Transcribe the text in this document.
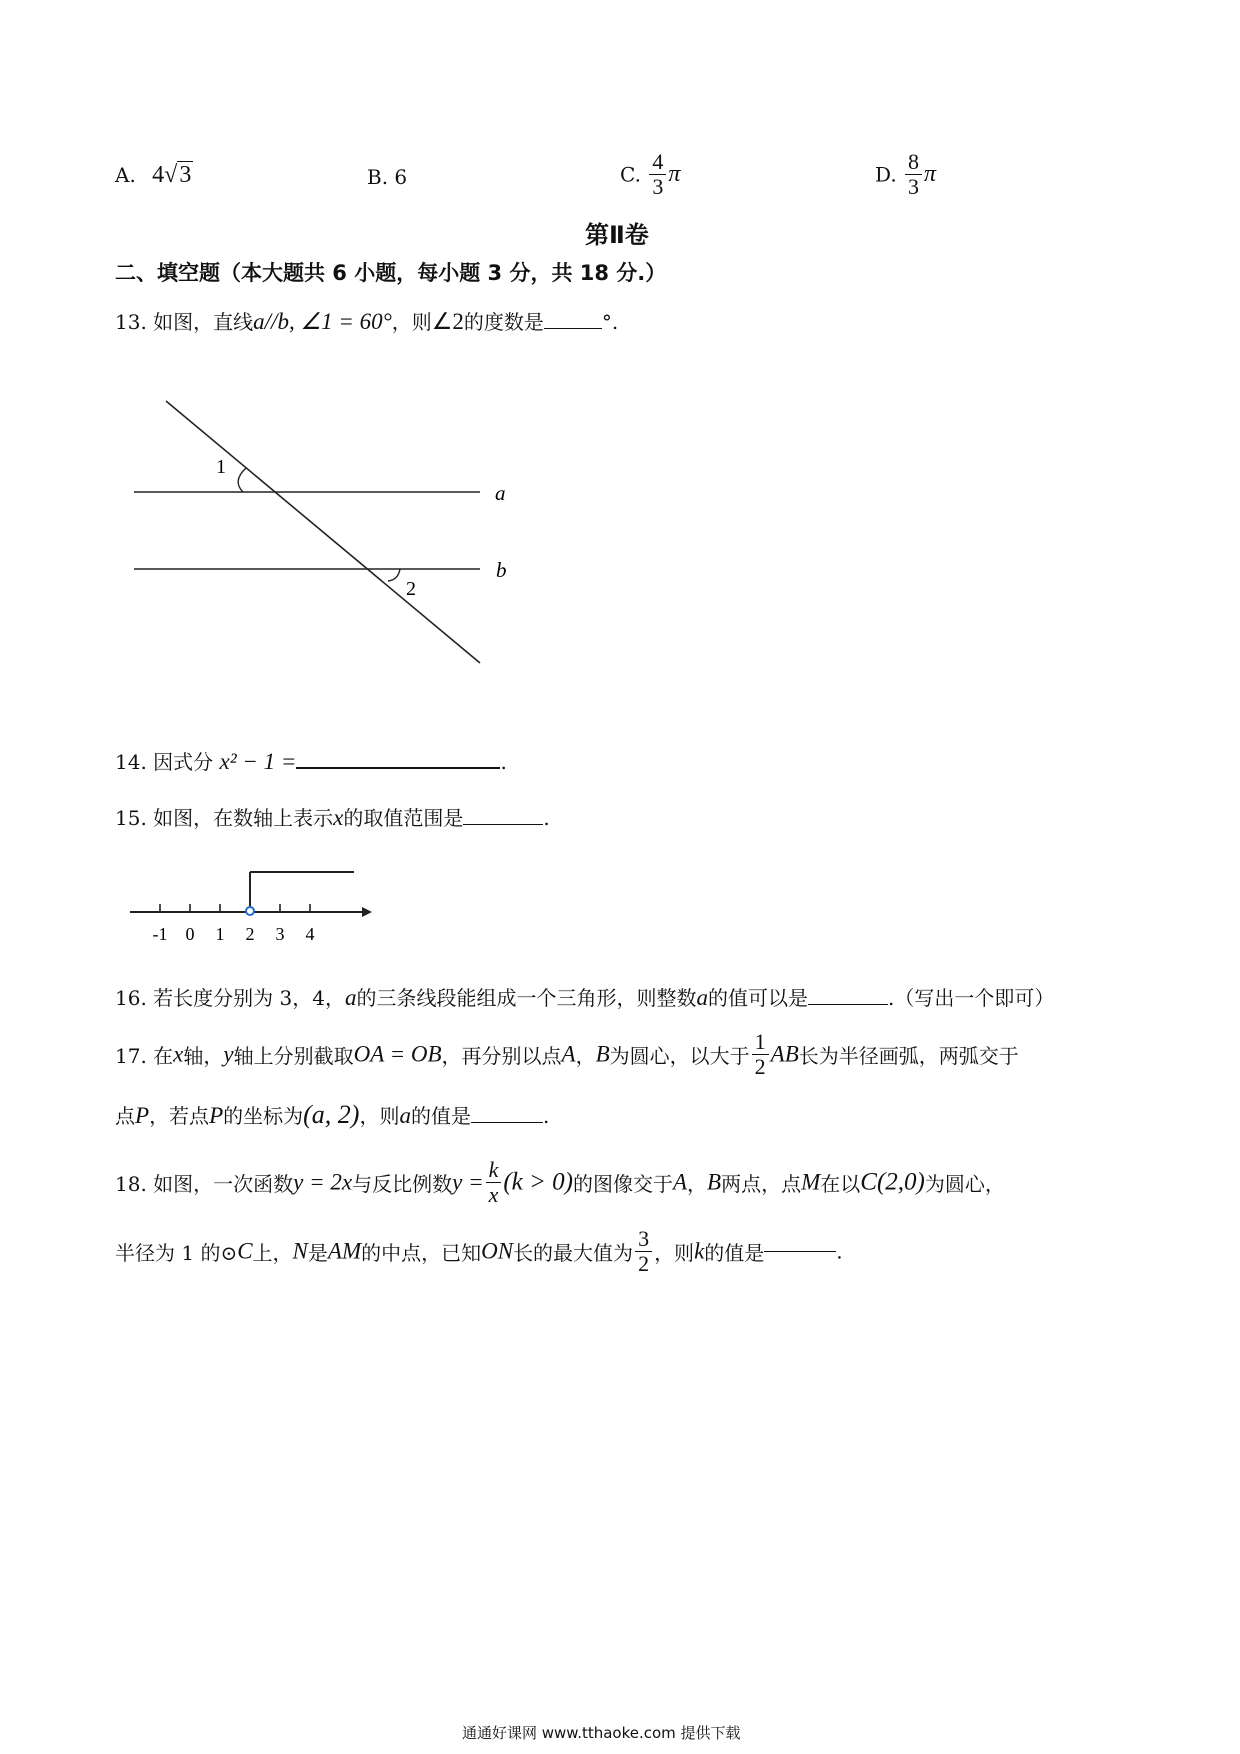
A. 4√3	B. 6	C. $\frac{4}{3}$ π	D. $\frac{8}{3}$ π
第Ⅱ卷
二、填空题（本大题共 6 小题，每小题 3 分，共 18 分.）
13. 如图，直线a//b, ∠1 = 60°，则∠2的度数是	°.
1
2
a
b
14. 因式分 x² − 1 =	.
15. 如图，在数轴上表示x的取值范围是	.
-1 0 1 2 3 4
16. 若长度分别为 3，4，a的三条线段能组成一个三角形，则整数a的值可以是	.（写出一个即可）
17. 在x轴，y轴上分别截取OA = OB，再分别以点A，B为圆心，以大于 $\frac{1}{2}$ AB长为半径画弧，两弧交于
点P，若点P的坐标为(a, 2)，则a的值是	.
18. 如图，一次函数y = 2x与反比例数$y = \frac{k}{x} (k > 0)$的图像交于A，B两点，点M在以C(2,0)为圆心，
半径为 1 的⊙C上，N是AM的中点，已知ON长的最大值为 $\frac{3}{2}$ ，则k的值是	.
通通好课网 www.tthaoke.com 提供下载
